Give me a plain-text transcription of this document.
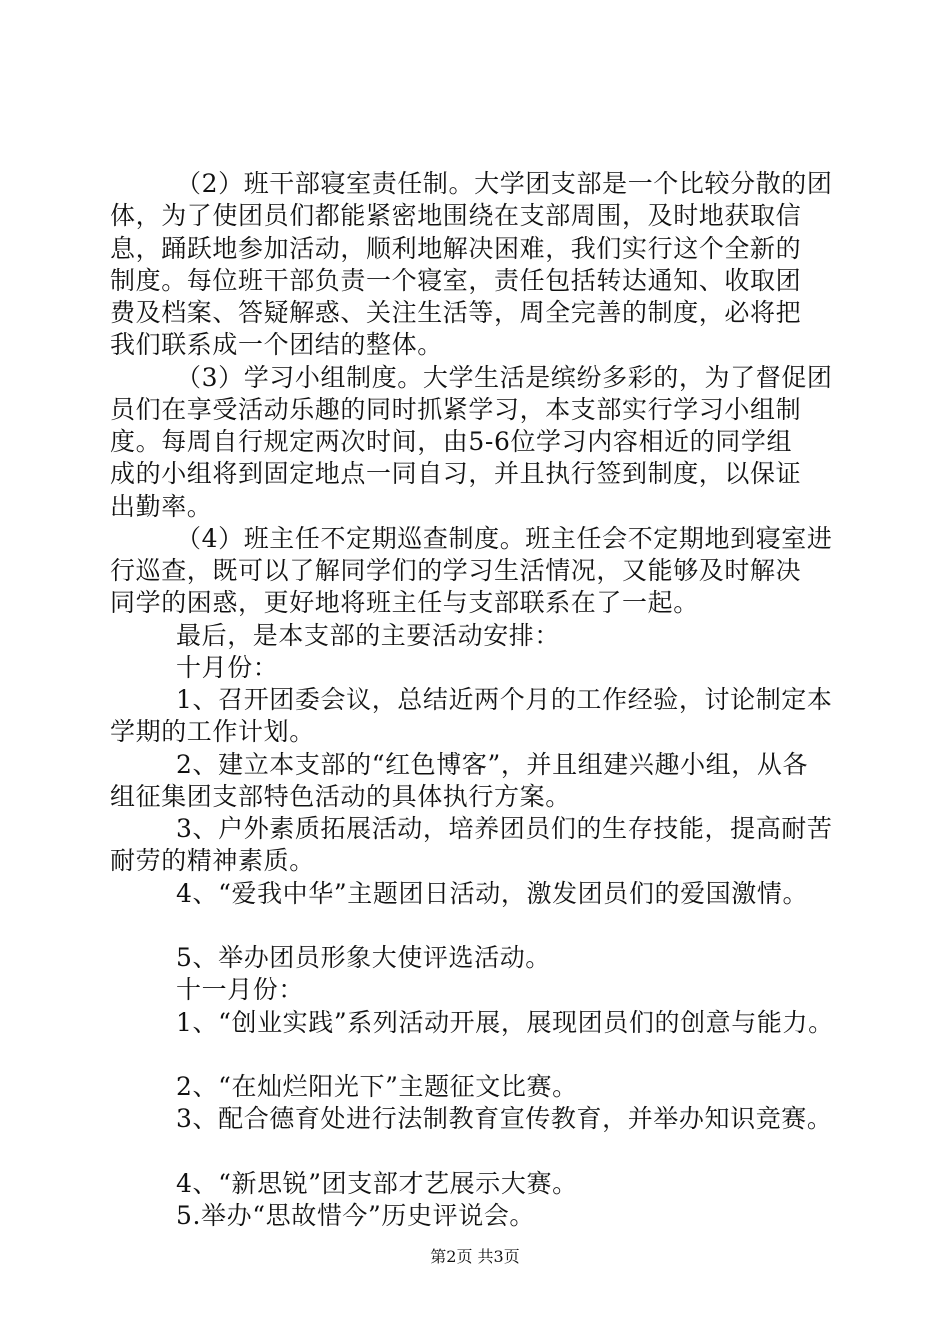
（2）班干部寝室责任制。大学团支部是一个比较分散的团
体，为了使团员们都能紧密地围绕在支部周围，及时地获取信
息，踊跃地参加活动，顺利地解决困难，我们实行这个全新的
制度。每位班干部负责一个寝室，责任包括转达通知、收取团
费及档案、答疑解惑、关注生活等，周全完善的制度，必将把
我们联系成一个团结的整体。
（3）学习小组制度。大学生活是缤纷多彩的，为了督促团
员们在享受活动乐趣的同时抓紧学习，本支部实行学习小组制
度。每周自行规定两次时间，由5-6位学习内容相近的同学组
成的小组将到固定地点一同自习，并且执行签到制度，以保证
出勤率。
（4）班主任不定期巡查制度。班主任会不定期地到寝室进
行巡查，既可以了解同学们的学习生活情况，又能够及时解决
同学的困惑，更好地将班主任与支部联系在了一起。
最后，是本支部的主要活动安排：
十月份：
1、召开团委会议，总结近两个月的工作经验，讨论制定本
学期的工作计划。
2、建立本支部的“红色博客”，并且组建兴趣小组，从各
组征集团支部特色活动的具体执行方案。
3、户外素质拓展活动，培养团员们的生存技能，提高耐苦
耐劳的精神素质。
4、“爱我中华”主题团日活动，激发团员们的爱国激情。
5、举办团员形象大使评选活动。
十一月份：
1、“创业实践”系列活动开展，展现团员们的创意与能力。
2、“在灿烂阳光下”主题征文比赛。
3、配合德育处进行法制教育宣传教育，并举办知识竞赛。
4、“新思锐”团支部才艺展示大赛。
5.举办“思故惜今”历史评说会。
第2页 共3页
